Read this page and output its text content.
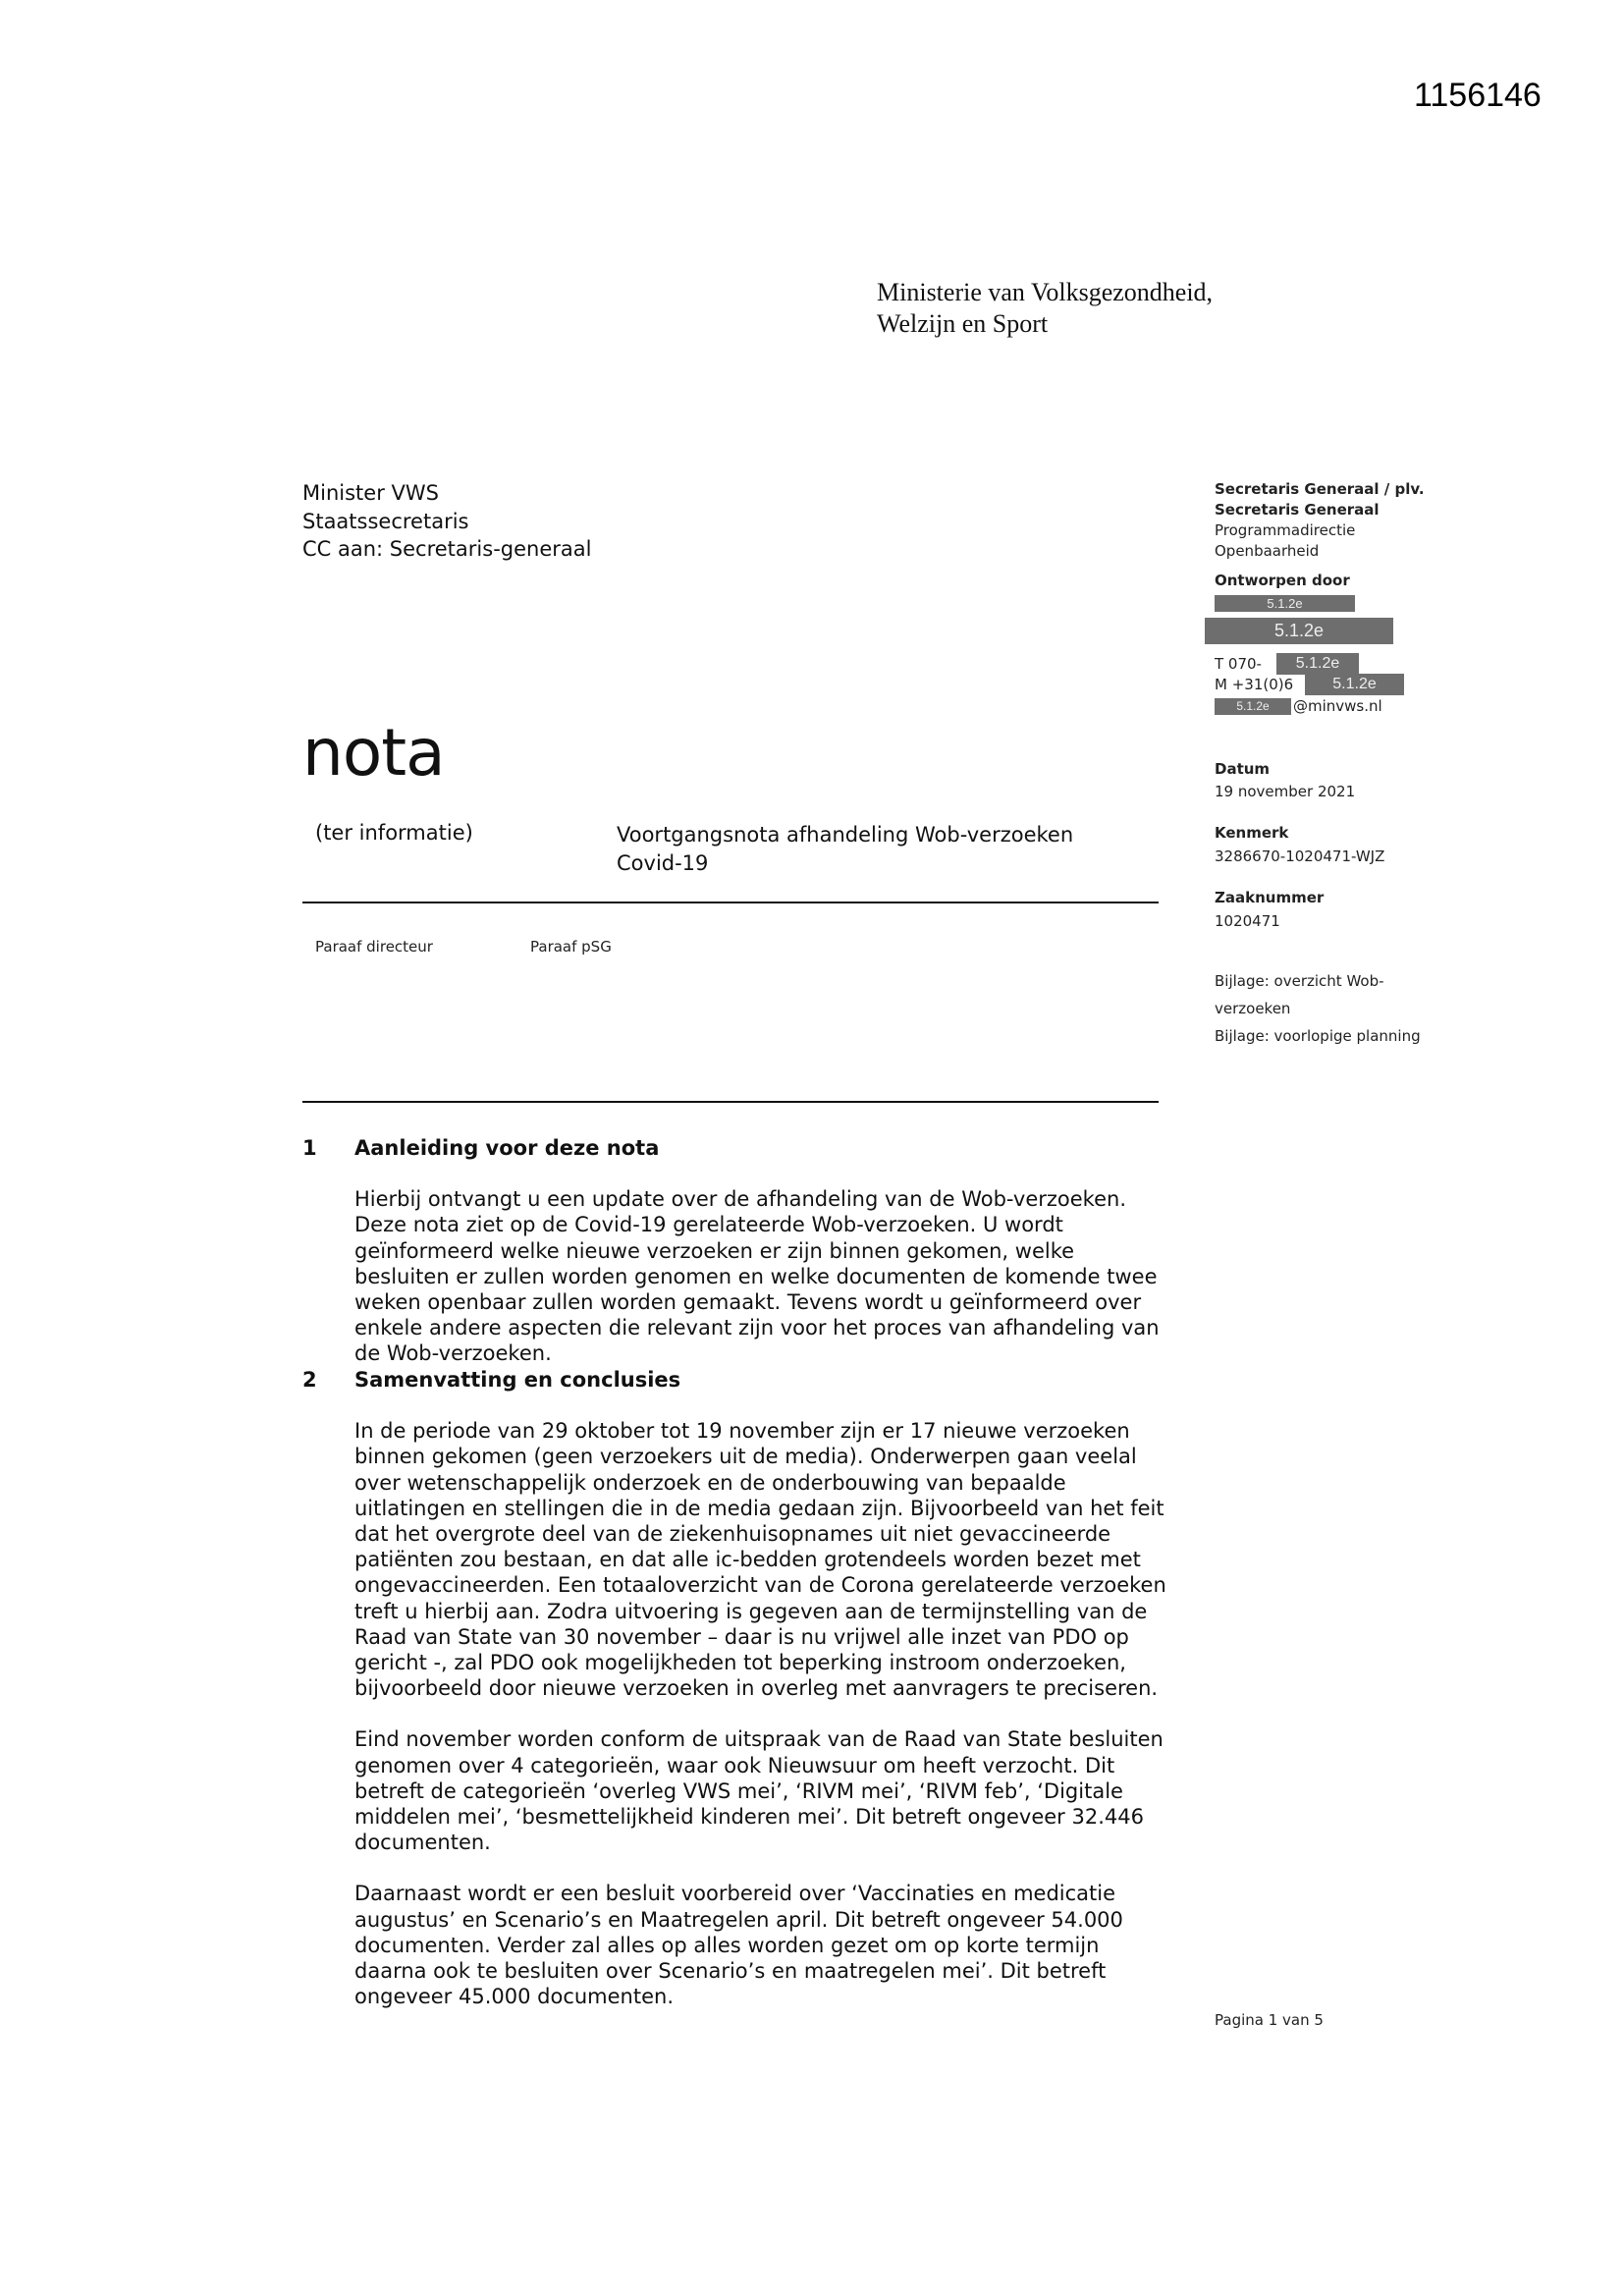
1156146
Ministerie van Volksgezondheid,
Welzijn en Sport
Minister VWS
Staatssecretaris
CC aan: Secretaris-generaal
nota
(ter informatie)	Voortgangsnota afhandeling Wob-verzoeken
Covid-19
Paraaf directeur	Paraaf pSG
Secretaris Generaal / plv.
Secretaris Generaal
Programmadirectie
Openbaarheid
Ontworpen door
5.1.2e
5.1.2e
T 070-	5.1.2e
M +31(0)6	5.1.2e
5.1.2e	@minvws.nl
Datum
19 november 2021
Kenmerk
3286670-1020471-WJZ
Zaaknummer
1020471
Bijlage: overzicht Wob-
verzoeken
Bijlage: voorlopige planning
1 Aanleiding voor deze nota
Hierbij ontvangt u een update over de afhandeling van de Wob-verzoeken.
Deze nota ziet op de Covid-19 gerelateerde Wob-verzoeken. U wordt
geïnformeerd welke nieuwe verzoeken er zijn binnen gekomen, welke
besluiten er zullen worden genomen en welke documenten de komende twee
weken openbaar zullen worden gemaakt. Tevens wordt u geïnformeerd over
enkele andere aspecten die relevant zijn voor het proces van afhandeling van
de Wob-verzoeken.
2 Samenvatting en conclusies
In de periode van 29 oktober tot 19 november zijn er 17 nieuwe verzoeken
binnen gekomen (geen verzoekers uit de media). Onderwerpen gaan veelal
over wetenschappelijk onderzoek en de onderbouwing van bepaalde
uitlatingen en stellingen die in de media gedaan zijn. Bijvoorbeeld van het feit
dat het overgrote deel van de ziekenhuisopnames uit niet gevaccineerde
patiënten zou bestaan, en dat alle ic-bedden grotendeels worden bezet met
ongevaccineerden. Een totaaloverzicht van de Corona gerelateerde verzoeken
treft u hierbij aan. Zodra uitvoering is gegeven aan de termijnstelling van de
Raad van State van 30 november – daar is nu vrijwel alle inzet van PDO op
gericht -, zal PDO ook mogelijkheden tot beperking instroom onderzoeken,
bijvoorbeeld door nieuwe verzoeken in overleg met aanvragers te preciseren.
Eind november worden conform de uitspraak van de Raad van State besluiten
genomen over 4 categorieën, waar ook Nieuwsuur om heeft verzocht. Dit
betreft de categorieën ‘overleg VWS mei’, ‘RIVM mei’, ‘RIVM feb’, ‘Digitale
middelen mei’, ‘besmettelijkheid kinderen mei’. Dit betreft ongeveer 32.446
documenten.
Daarnaast wordt er een besluit voorbereid over ‘Vaccinaties en medicatie
augustus’ en Scenario’s en Maatregelen april. Dit betreft ongeveer 54.000
documenten. Verder zal alles op alles worden gezet om op korte termijn
daarna ook te besluiten over Scenario’s en maatregelen mei’. Dit betreft
ongeveer 45.000 documenten.
Pagina 1 van 5
